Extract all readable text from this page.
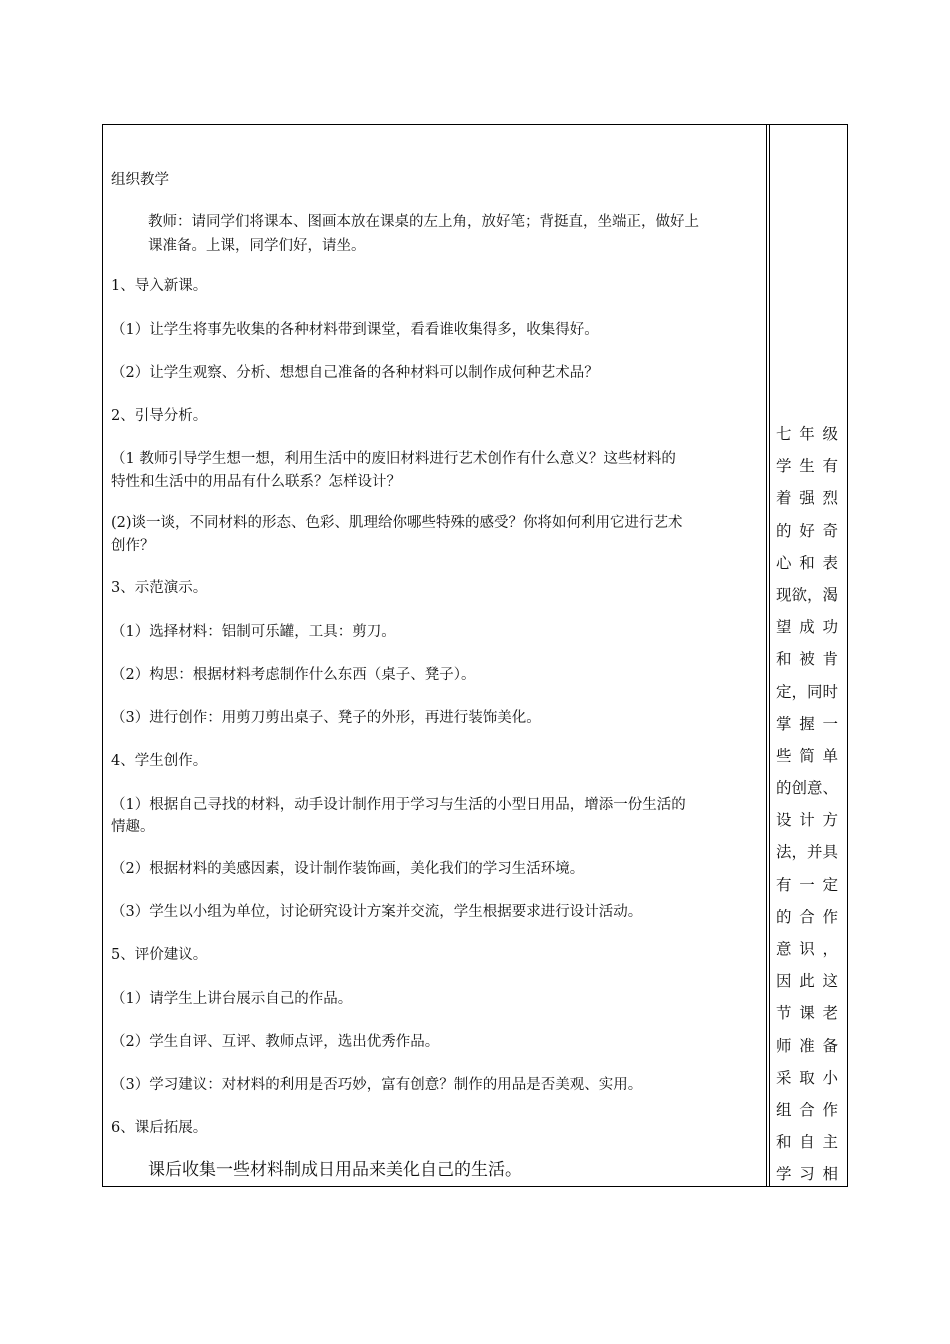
组织教学
教师：请同学们将课本、图画本放在课桌的左上角，放好笔；背挺直，坐端正，做好上
课准备。上课，同学们好，请坐。
1、导入新课。
（1）让学生将事先收集的各种材料带到课堂，看看谁收集得多，收集得好。
（2）让学生观察、分析、想想自己准备的各种材料可以制作成何种艺术品？
2、引导分析。
（1 教师引导学生想一想，利用生活中的废旧材料进行艺术创作有什么意义？这些材料的
特性和生活中的用品有什么联系？怎样设计？
(2)谈一谈，不同材料的形态、色彩、肌理给你哪些特殊的感受？你将如何利用它进行艺术
创作？
3、示范演示。
（1）选择材料：铝制可乐罐，工具：剪刀。
（2）构思：根据材料考虑制作什么东西（桌子、凳子）。
（3）进行创作：用剪刀剪出桌子、凳子的外形，再进行装饰美化。
4、学生创作。
（1）根据自己寻找的材料，动手设计制作用于学习与生活的小型日用品，增添一份生活的
情趣。
（2）根据材料的美感因素，设计制作装饰画，美化我们的学习生活环境。
（3）学生以小组为单位，讨论研究设计方案并交流，学生根据要求进行设计活动。
5、评价建议。
（1）请学生上讲台展示自己的作品。
（2）学生自评、互评、教师点评，选出优秀作品。
（3）学习建议：对材料的利用是否巧妙，富有创意？制作的用品是否美观、实用。
6、课后拓展。
课后收集一些材料制成日用品来美化自己的生活。
七年级
学生有
着强烈
的好奇
心和表
现欲，渴
望成功
和被肯
定，同时
掌握一
些简单
的创意、
设计方
法，并具
有一定
的合作
意识，
因此这
节课老
师准备
采取小
组合作
和自主
学习相
